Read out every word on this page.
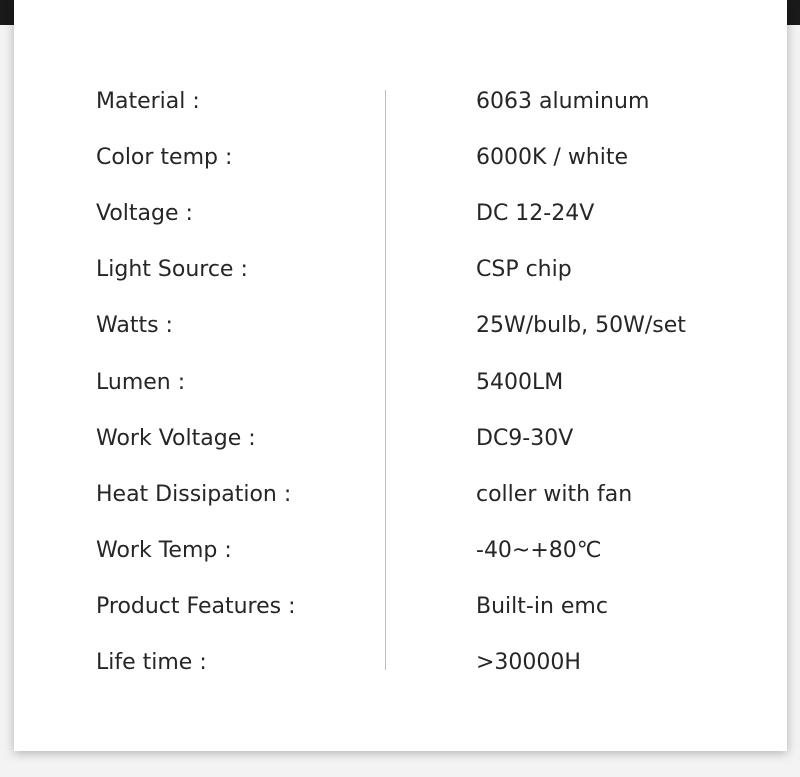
Material :	6063 aluminum
Color temp :	6000K / white
Voltage :	DC 12-24V
Light Source :	CSP chip
Watts :	25W/bulb, 50W/set
Lumen :	5400LM
Work Voltage :	DC9-30V
Heat Dissipation :	coller with fan
Work Temp :	-40~+80℃
Product Features :	Built-in emc
Life time :	>30000H
